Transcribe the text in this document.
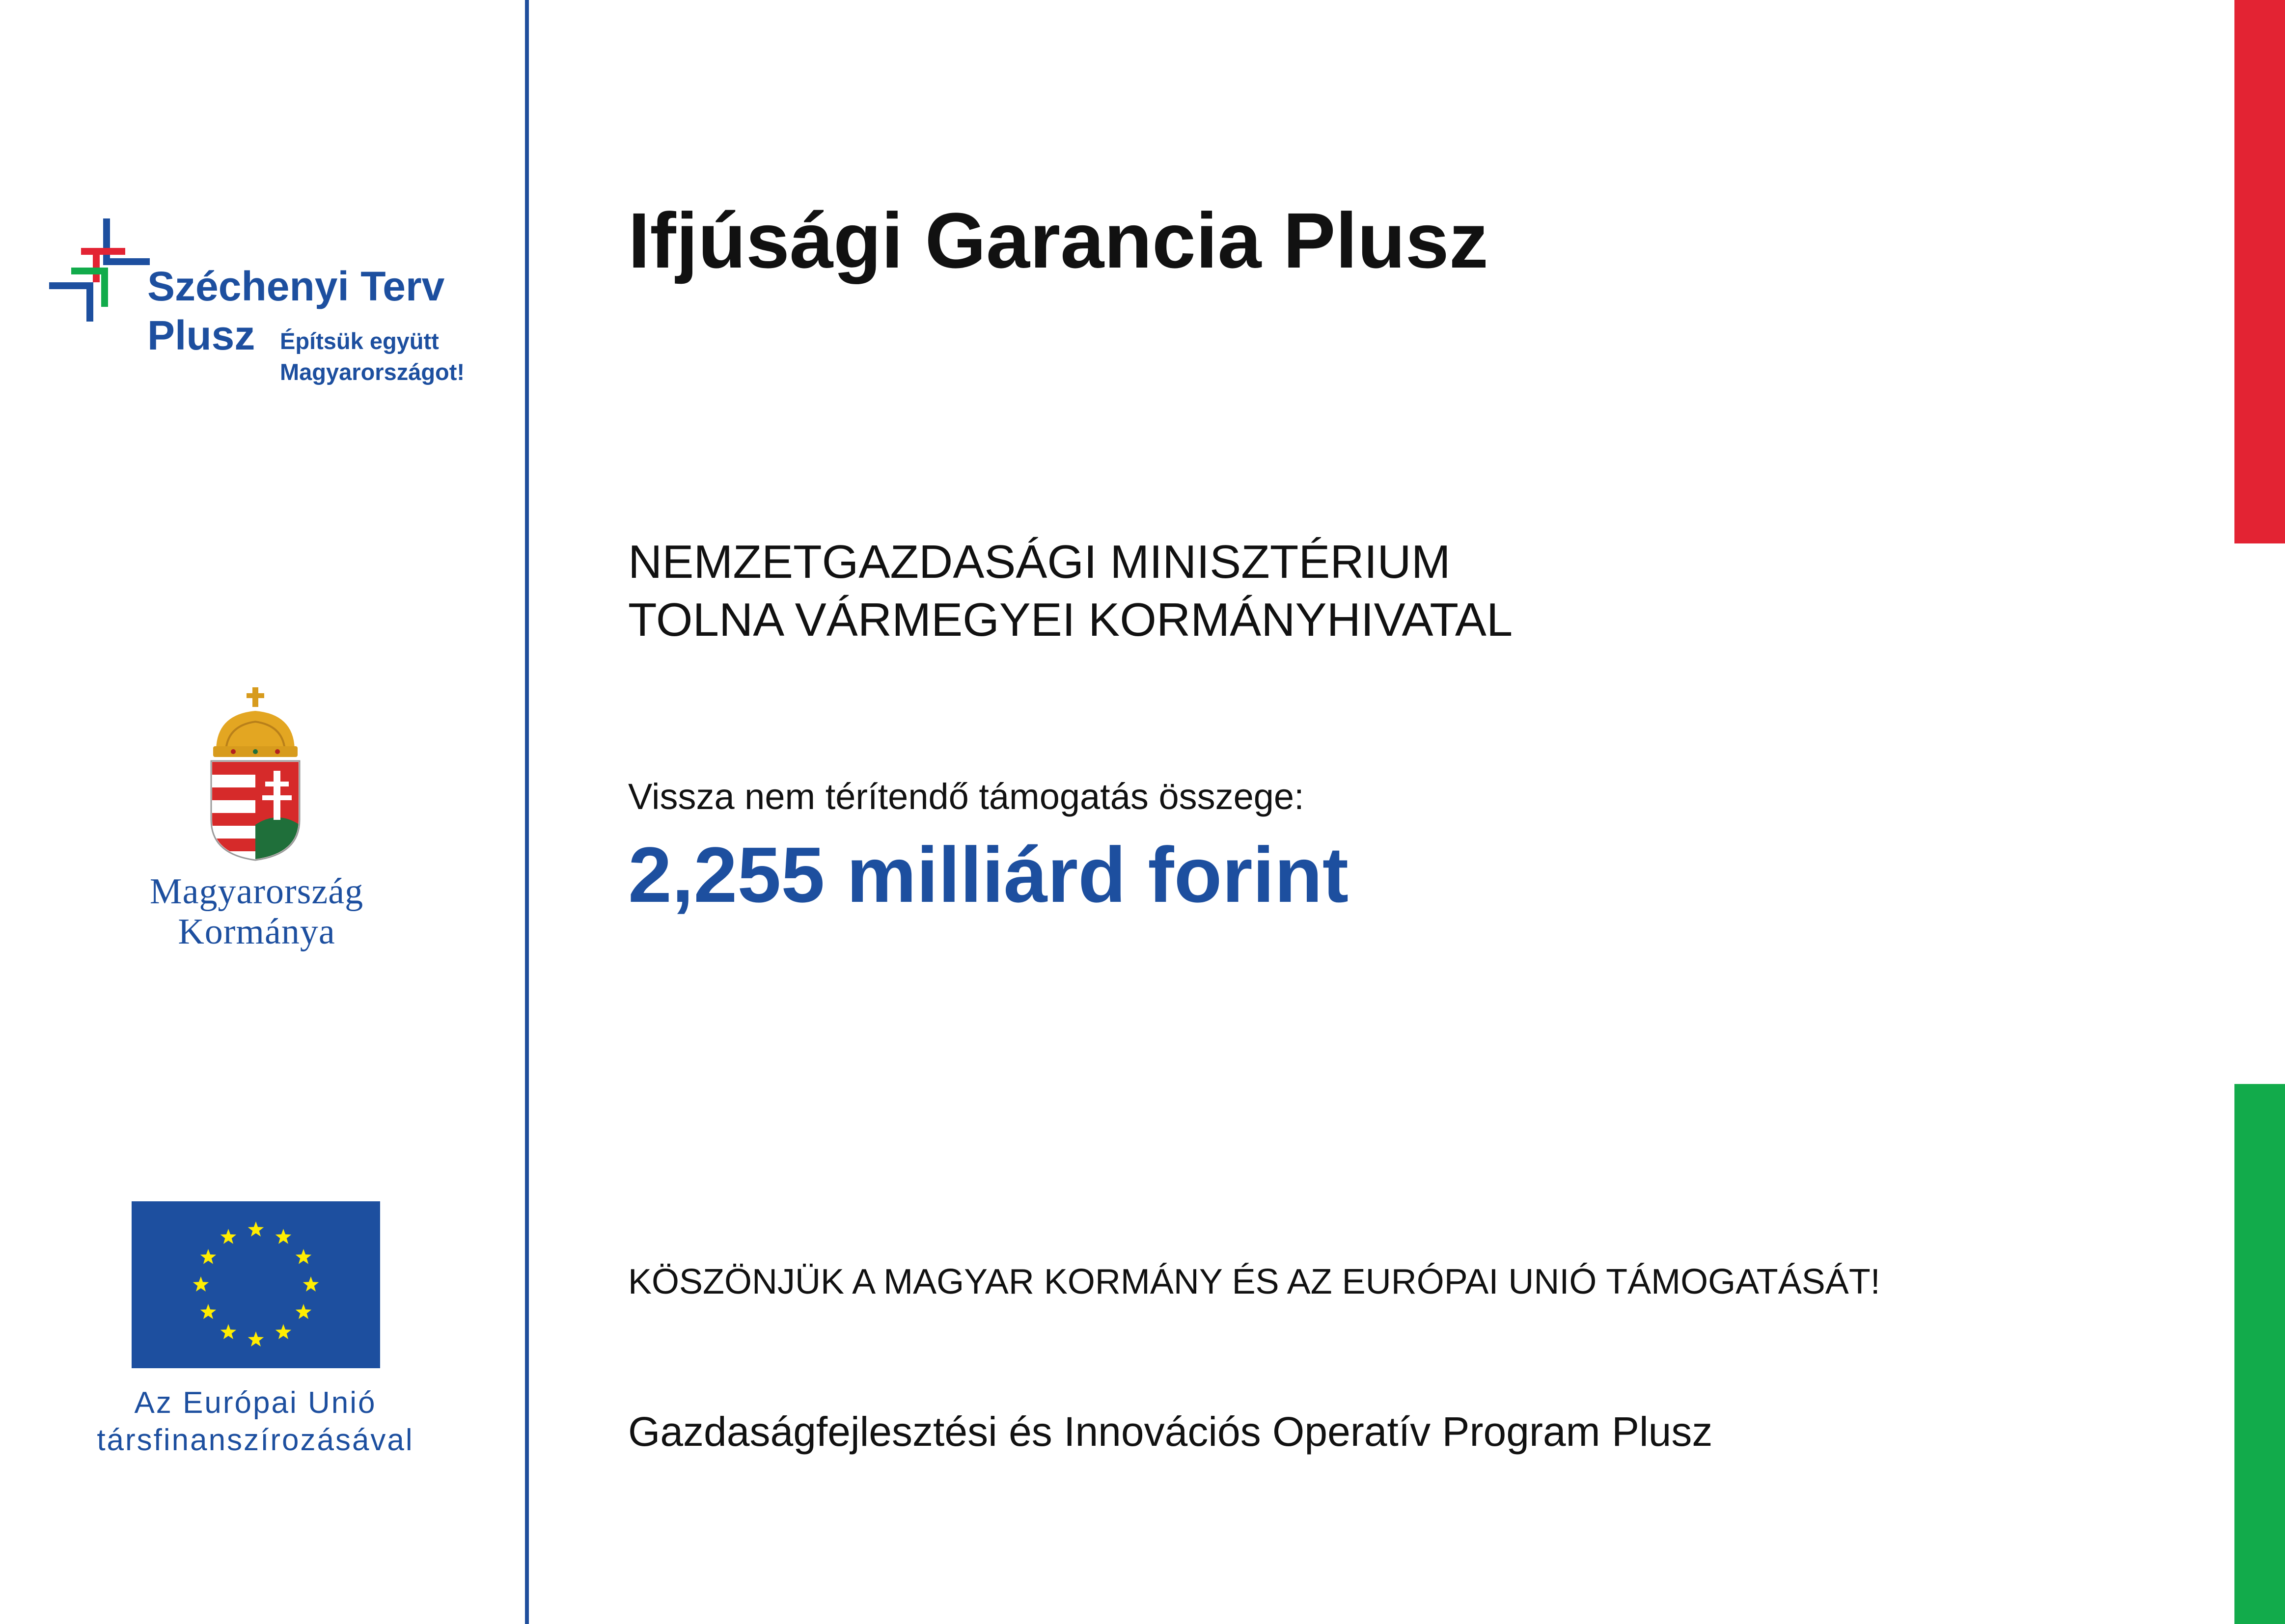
Széchenyi Terv
Plusz Építsük együtt
Magyarországot!
Magyarország
Kormánya
Az Európai Unió
társfinanszírozásával
Ifjúsági Garancia Plusz
NEMZETGAZDASÁGI MINISZTÉRIUM
TOLNA VÁRMEGYEI KORMÁNYHIVATAL
Vissza nem térítendő támogatás összege:
2,255 milliárd forint
KÖSZÖNJÜK A MAGYAR KORMÁNY ÉS AZ EURÓPAI UNIÓ TÁMOGATÁSÁT!
Gazdaságfejlesztési és Innovációs Operatív Program Plusz
